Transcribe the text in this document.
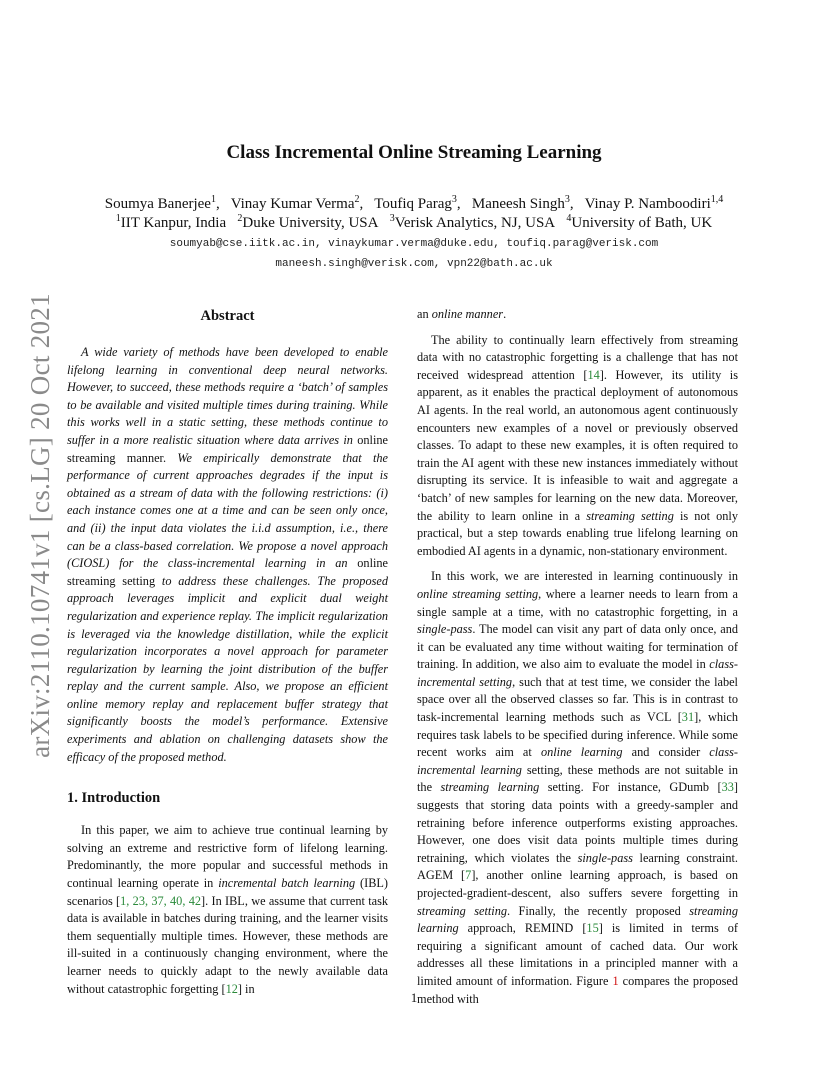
Class Incremental Online Streaming Learning
Soumya Banerjee$^1$,   Vinay Kumar Verma$^2$,   Toufiq Parag$^3$,   Maneesh Singh$^3$,   Vinay P. Namboodiri$^{1,4}$
$^1$IIT Kanpur, India $^2$Duke University, USA $^3$Verisk Analytics, NJ, USA $^4$University of Bath, UK
soumyab@cse.iitk.ac.in, vinaykumar.verma@duke.edu, toufiq.parag@verisk.com
maneesh.singh@verisk.com, vpn22@bath.ac.uk
arXiv:2110.10741v1 [cs.LG] 20 Oct 2021	Abstract

A wide variety of methods have been developed to enable lifelong learning in conventional deep neural networks. However, to succeed, these methods require a ‘batch’ of samples to be available and visited multiple times during training. While this works well in a static setting, these methods continue to suffer in a more realistic situation where data arrives in online streaming manner. We empirically demonstrate that the performance of current approaches degrades if the input is obtained as a stream of data with the following restrictions: (i) each instance comes one at a time and can be seen only once, and (ii) the input data violates the i.i.d assumption, i.e., there can be a class-based correlation. We propose a novel approach (CIOSL) for the class-incremental learning in an online streaming setting to address these challenges. The proposed approach leverages implicit and explicit dual weight regularization and experience replay. The implicit regularization is leveraged via the knowledge distillation, while the explicit regularization incorporates a novel approach for parameter regularization by learning the joint distribution of the buffer replay and the current sample. Also, we propose an efficient online memory replay and replacement buffer strategy that significantly boosts the model’s performance. Extensive experiments and ablation on challenging datasets show the efficacy of the proposed method.

1. Introduction

In this paper, we aim to achieve true continual learning by solving an extreme and restrictive form of lifelong learning. Predominantly, the more popular and successful methods in continual learning operate in incremental batch learning (IBL) scenarios [1, 23, 37, 40, 42]. In IBL, we assume that current task data is available in batches during training, and the learner visits them sequentially multiple times. However, these methods are ill-suited in a continuously changing environment, where the learner needs to quickly adapt to the newly available data without catastrophic forgetting [12] in

an online manner.

The ability to continually learn effectively from streaming data with no catastrophic forgetting is a challenge that has not received widespread attention [14]. However, its utility is apparent, as it enables the practical deployment of autonomous AI agents. In the real world, an autonomous agent continuously encounters new examples of a novel or previously observed classes. To adapt to these new examples, it is often required to train the AI agent with these new instances immediately without disrupting its service. It is infeasible to wait and aggregate a ‘batch’ of new samples for learning on the new data. Moreover, the ability to learn online in a streaming setting is not only practical, but a step towards enabling true lifelong learning on embodied AI agents in a dynamic, non-stationary environment.

In this work, we are interested in learning continuously in online streaming setting, where a learner needs to learn from a single sample at a time, with no catastrophic forgetting, in a single-pass. The model can visit any part of data only once, and it can be evaluated any time without waiting for termination of training. In addition, we also aim to evaluate the model in class-incremental setting, such that at test time, we consider the label space over all the observed classes so far. This is in contrast to task-incremental learning methods such as VCL [31], which requires task labels to be specified during inference. While some recent works aim at online learning and consider class-incremental learning setting, these methods are not suitable in the streaming learning setting. For instance, GDumb [33] suggests that storing data points with a greedy-sampler and retraining before inference outperforms existing approaches. However, one does visit data points multiple times during retraining, which violates the single-pass learning constraint. AGEM [7], another online learning approach, is based on projected-gradient-descent, also suffers severe forgetting in streaming setting. Finally, the recently proposed streaming learning approach, REMIND [15] is limited in terms of requiring a significant amount of cached data. Our work addresses all these limitations in a principled manner with a limited amount of information. Figure 1 compares the proposed method with

1
